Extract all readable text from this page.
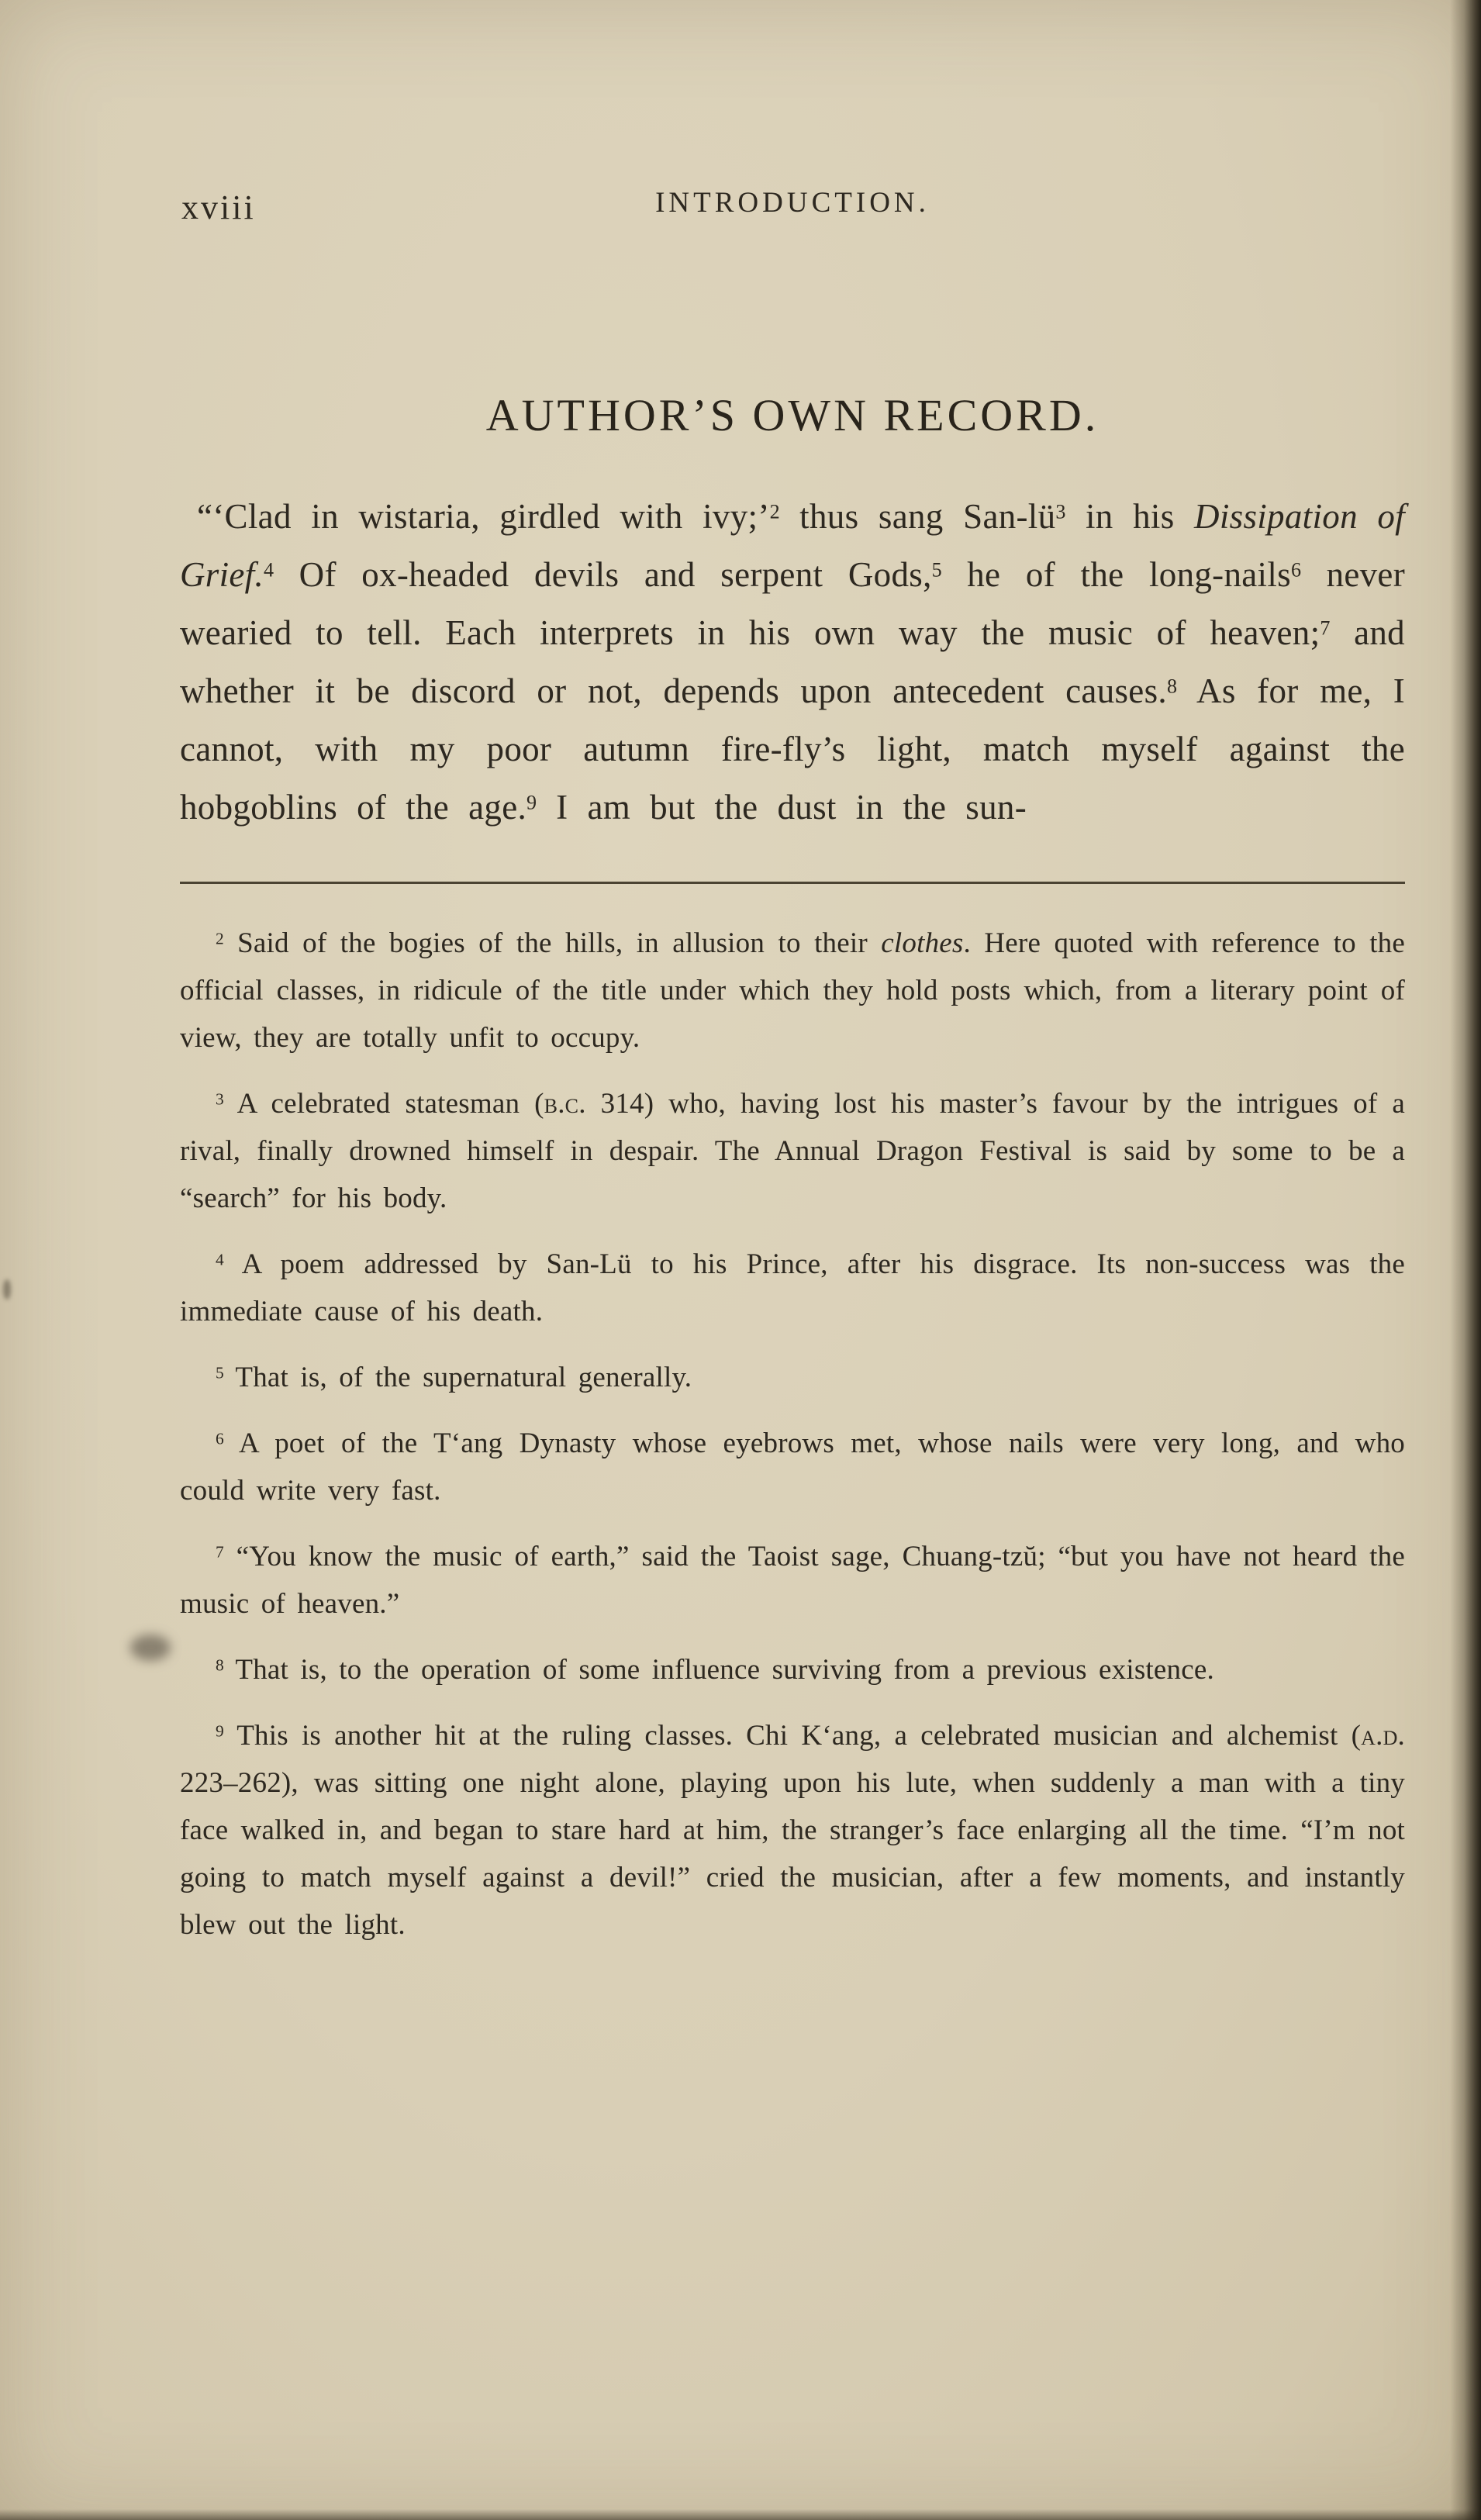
xviii	INTRODUCTION.
AUTHOR’S OWN RECORD.

“‘Clad in wistaria, girdled with ivy;’$^2$ thus sang San-$lü^3$ in his Dissipation of Grief.$^4$ Of ox-headed devils and serpent Gods,$^5$ he of the long-nails$^6$ never wearied to tell. Each interprets in his own way the music of heaven;$^7$ and whether it be discord or not, depends upon antecedent causes.$^8$ As for me, I cannot, with my poor autumn fire-fly’s light, match myself against the hobgoblins of the age.$^9$ I am but the dust in the sun-

$^2$ Said of the bogies of the hills, in allusion to their clothes. Here quoted with reference to the official classes, in ridicule of the title under which they hold posts which, from a literary point of view, they are totally unfit to occupy.

$^3$ A celebrated statesman (b.c. 314) who, having lost his master’s favour by the intrigues of a rival, finally drowned himself in despair. The Annual Dragon Festival is said by some to be a “search” for his body.

$^4$ A poem addressed by San-Lü to his Prince, after his disgrace. Its non-success was the immediate cause of his death.

$^5$ That is, of the supernatural generally.

$^6$ A poet of the T‘ang Dynasty whose eyebrows met, whose nails were very long, and who could write very fast.

$^7$ “You know the music of earth,” said the Taoist sage, Chuang-tzŭ; “but you have not heard the music of heaven.”

$^8$ That is, to the operation of some influence surviving from a previous existence.

$^9$ This is another hit at the ruling classes. Chi K‘ang, a celebrated musician and alchemist (a.d. 223–262), was sitting one night alone, playing upon his lute, when suddenly a man with a tiny face walked in, and began to stare hard at him, the stranger’s face enlarging all the time. “I’m not going to match myself against a devil!” cried the musician, after a few moments, and instantly blew out the light.
